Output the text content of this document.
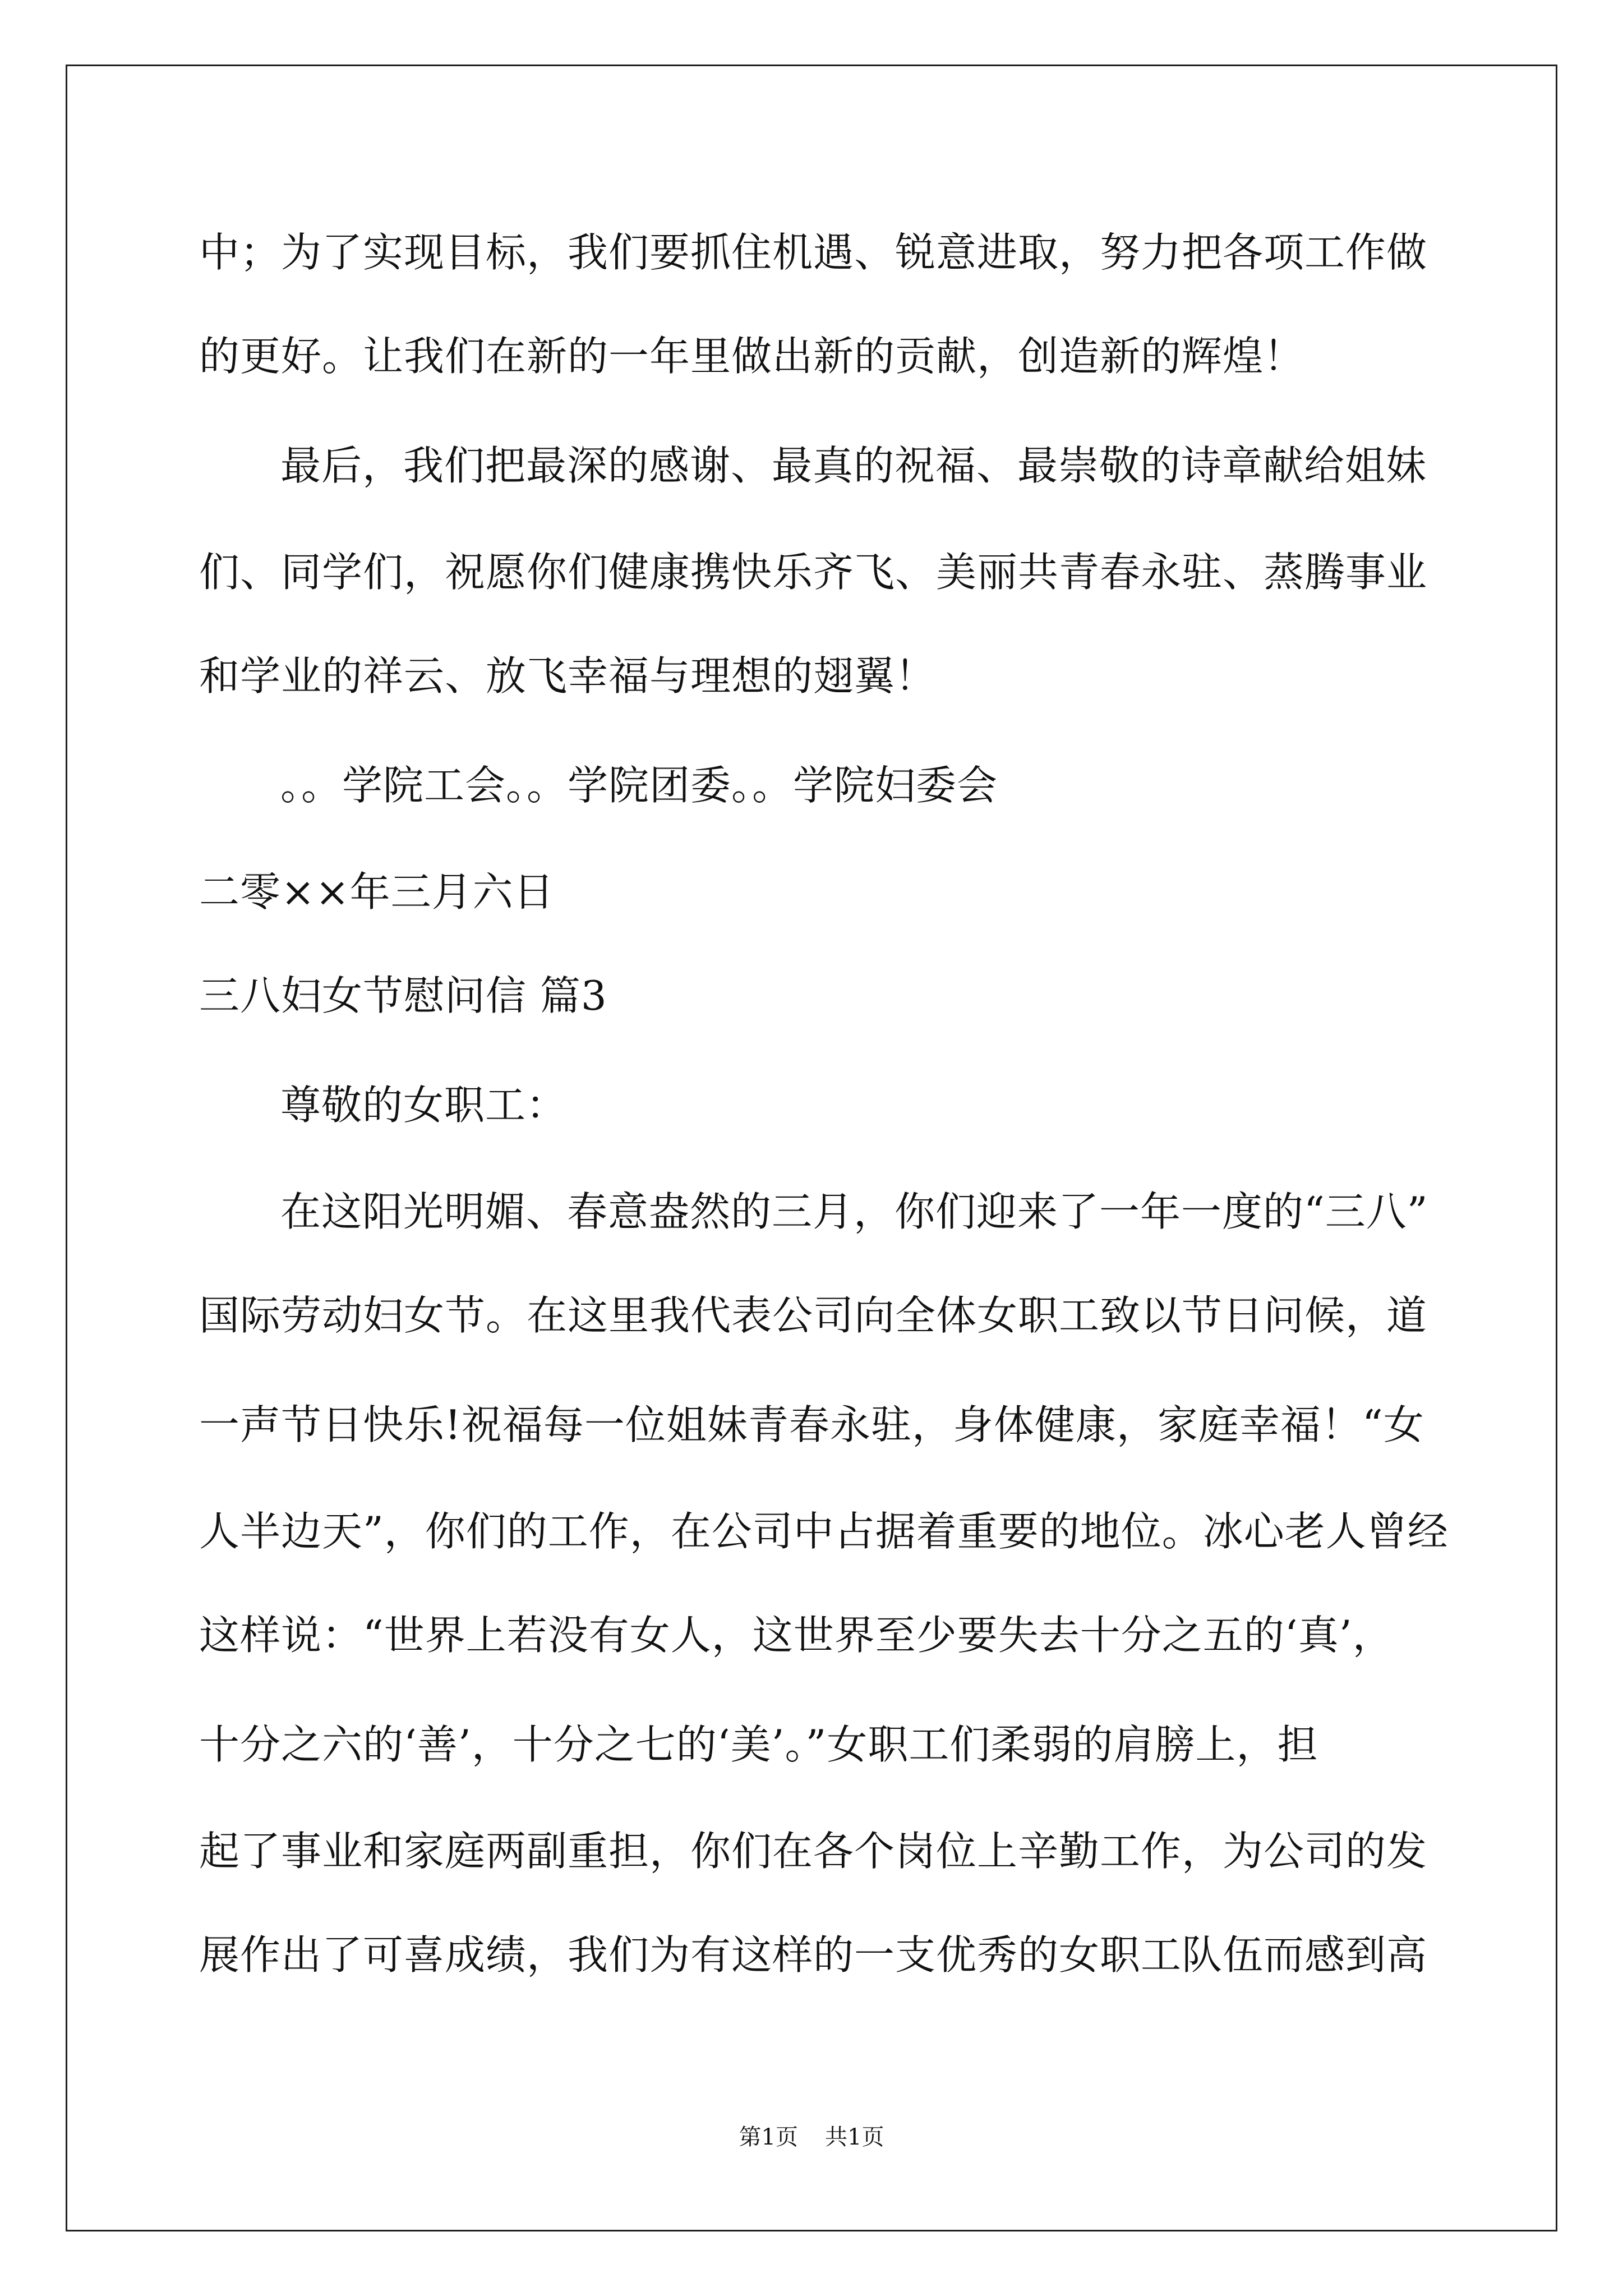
中；为了实现目标，我们要抓住机遇、锐意进取，努力把各项工作做
的更好。让我们在新的一年里做出新的贡献，创造新的辉煌！
最后，我们把最深的感谢、最真的祝福、最崇敬的诗章献给姐妹
们、同学们，祝愿你们健康携快乐齐飞、美丽共青春永驻、蒸腾事业
和学业的祥云、放飞幸福与理想的翅翼！
。。学院工会。。学院团委。。学院妇委会
二零××年三月六日
三八妇女节慰问信 篇3
尊敬的女职工：
在这阳光明媚、春意盎然的三月，你们迎来了一年一度的“三八”
国际劳动妇女节。在这里我代表公司向全体女职工致以节日问候，道
一声节日快乐!祝福每一位姐妹青春永驻，身体健康，家庭幸福！“女
人半边天”，你们的工作，在公司中占据着重要的地位。冰心老人曾经
这样说：“世界上若没有女人，这世界至少要失去十分之五的‘真’，
十分之六的‘善’，十分之七的‘美’。”女职工们柔弱的肩膀上，担
起了事业和家庭两副重担，你们在各个岗位上辛勤工作，为公司的发
展作出了可喜成绩，我们为有这样的一支优秀的女职工队伍而感到高
第1页 共1页
